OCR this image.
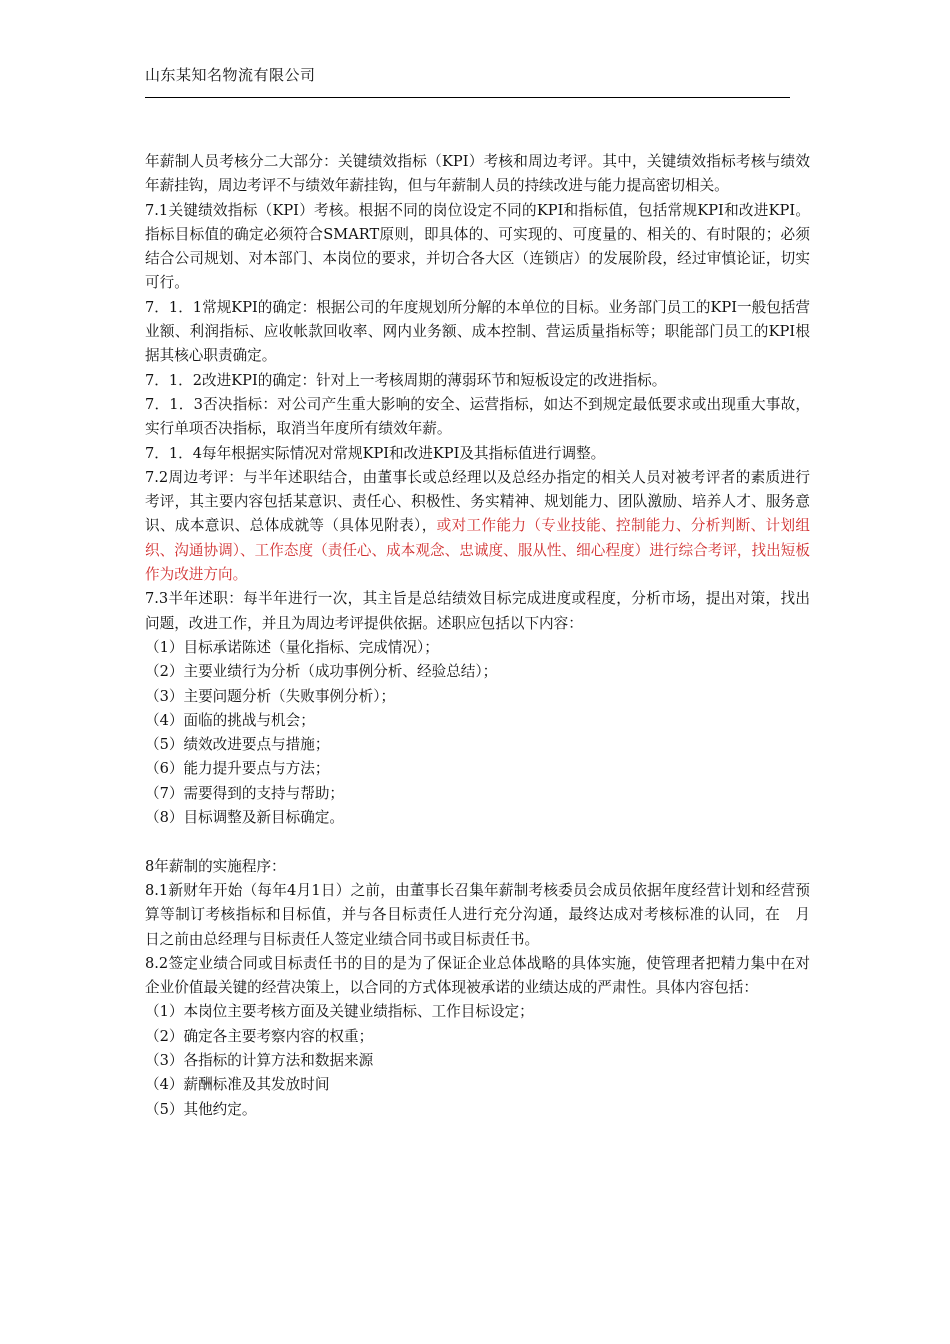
山东某知名物流有限公司

年薪制人员考核分二大部分：关键绩效指标（KPI）考核和周边考评。其中，关键绩效指标考核与绩效年薪挂钩，周边考评不与绩效年薪挂钩，但与年薪制人员的持续改进与能力提高密切相关。

7.1关键绩效指标（KPI）考核。根据不同的岗位设定不同的KPI和指标值，包括常规KPI和改进KPI。指标目标值的确定必须符合SMART原则，即具体的、可实现的、可度量的、相关的、有时限的；必须结合公司规划、对本部门、本岗位的要求，并切合各大区（连锁店）的发展阶段，经过审慎论证，切实可行。

7．1．1常规KPI的确定：根据公司的年度规划所分解的本单位的目标。业务部门员工的KPI一般包括营业额、利润指标、应收帐款回收率、网内业务额、成本控制、营运质量指标等；职能部门员工的KPI根据其核心职责确定。

7．1．2改进KPI的确定：针对上一考核周期的薄弱环节和短板设定的改进指标。

7．1．3否决指标：对公司产生重大影响的安全、运营指标，如达不到规定最低要求或出现重大事故，实行单项否决指标，取消当年度所有绩效年薪。

7．1．4每年根据实际情况对常规KPI和改进KPI及其指标值进行调整。

7.2周边考评：与半年述职结合，由董事长或总经理以及总经办指定的相关人员对被考评者的素质进行考评，其主要内容包括某意识、责任心、积极性、务实精神、规划能力、团队激励、培养人才、服务意识、成本意识、总体成就等（具体见附表），或对工作能力（专业技能、控制能力、分析判断、计划组织、沟通协调）、工作态度（责任心、成本观念、忠诚度、服从性、细心程度）进行综合考评，找出短板作为改进方向。

7.3半年述职：每半年进行一次，其主旨是总结绩效目标完成进度或程度，分析市场，提出对策，找出问题，改进工作，并且为周边考评提供依据。述职应包括以下内容：

（1）目标承诺陈述（量化指标、完成情况）；

（2）主要业绩行为分析（成功事例分析、经验总结）；

（3）主要问题分析（失败事例分析）；

（4）面临的挑战与机会；

（5）绩效改进要点与措施；

（6）能力提升要点与方法；

（7）需要得到的支持与帮助；

（8）目标调整及新目标确定。

8年薪制的实施程序：

8.1新财年开始（每年4月1日）之前，由董事长召集年薪制考核委员会成员依据年度经营计划和经营预算等制订考核指标和目标值，并与各目标责任人进行充分沟通，最终达成对考核标准的认同，在　月　日之前由总经理与目标责任人签定业绩合同书或目标责任书。

8.2签定业绩合同或目标责任书的目的是为了保证企业总体战略的具体实施，使管理者把精力集中在对企业价值最关键的经营决策上，以合同的方式体现被承诺的业绩达成的严肃性。具体内容包括：

（1）本岗位主要考核方面及关键业绩指标、工作目标设定；

（2）确定各主要考察内容的权重；

（3）各指标的计算方法和数据来源

（4）薪酬标准及其发放时间

（5）其他约定。
